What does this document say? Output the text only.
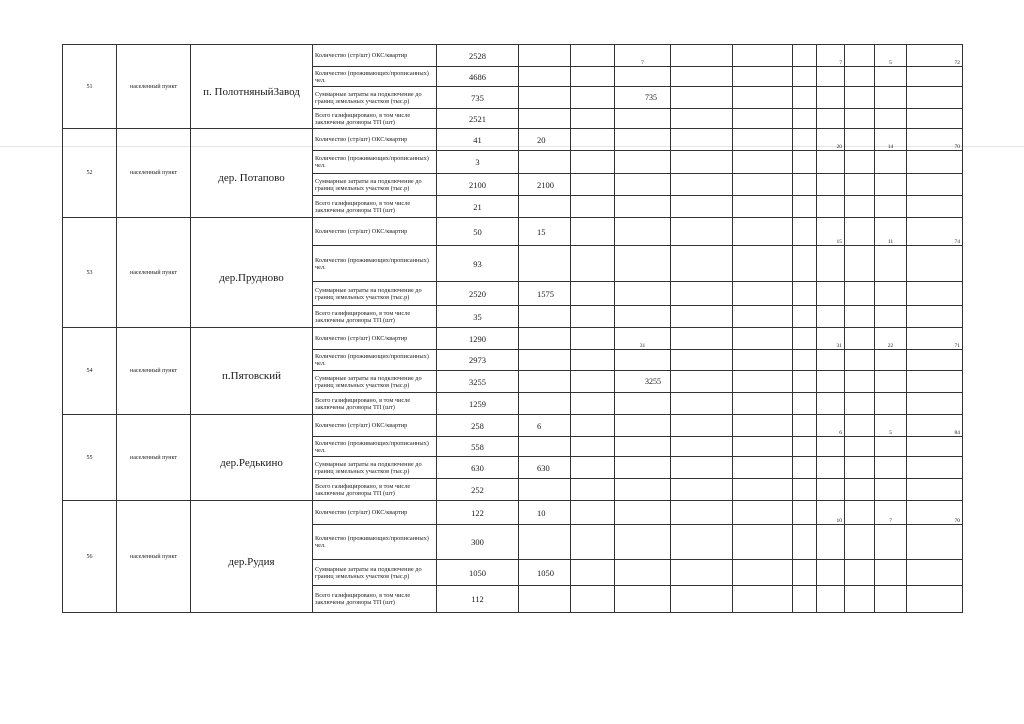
51	населенный пункт	п. ПолотняныйЗавод	Количество (стр/шт) ОКС/квартир	2528			7				7		5	72
			Количество (проживающих/прописанных) чел.	4686										
			Суммарные затраты на подключение до границ земельных участков (тыс.р)	735			735							
			Всего газифицировано, в том числе заключены договоры ТП (шт)	2521										
52	населенный пункт	дер. Потапово	Количество (стр/шт) ОКС/квартир	41	20						20		14	70
			Количество (проживающих/прописанных) чел.	3										
			Суммарные затраты на подключение до границ земельных участков (тыс.р)	2100	2100									
			Всего газифицировано, в том числе заключены договоры ТП (шт)	21										
53	населенный пункт	дер.Прудново	Количество (стр/шт) ОКС/квартир	50	15						15		11	74
			Количество (проживающих/прописанных) чел.	93										
			Суммарные затраты на подключение до границ земельных участков (тыс.р)	2520	1575									
			Всего газифицировано, в том числе заключены договоры ТП (шт)	35										
54	населенный пункт	п.Пятовский	Количество (стр/шт) ОКС/квартир	1290			31				31		22	71
			Количество (проживающих/прописанных) чел.	2973										
			Суммарные затраты на подключение до границ земельных участков (тыс.р)	3255			3255							
			Всего газифицировано, в том числе заключены договоры ТП (шт)	1259										
55	населенный пункт	дер.Редькино	Количество (стр/шт) ОКС/квартир	258	6						6		5	84
			Количество (проживающих/прописанных) чел.	558										
			Суммарные затраты на подключение до границ земельных участков (тыс.р)	630	630									
			Всего газифицировано, в том числе заключены договоры ТП (шт)	252										
56	населенный пункт	дер.Рудия	Количество (стр/шт) ОКС/квартир	122	10						10		7	70
			Количество (проживающих/прописанных) чел.	300										
			Суммарные затраты на подключение до границ земельных участков (тыс.р)	1050	1050									
			Всего газифицировано, в том числе заключены договоры ТП (шт)	112										
